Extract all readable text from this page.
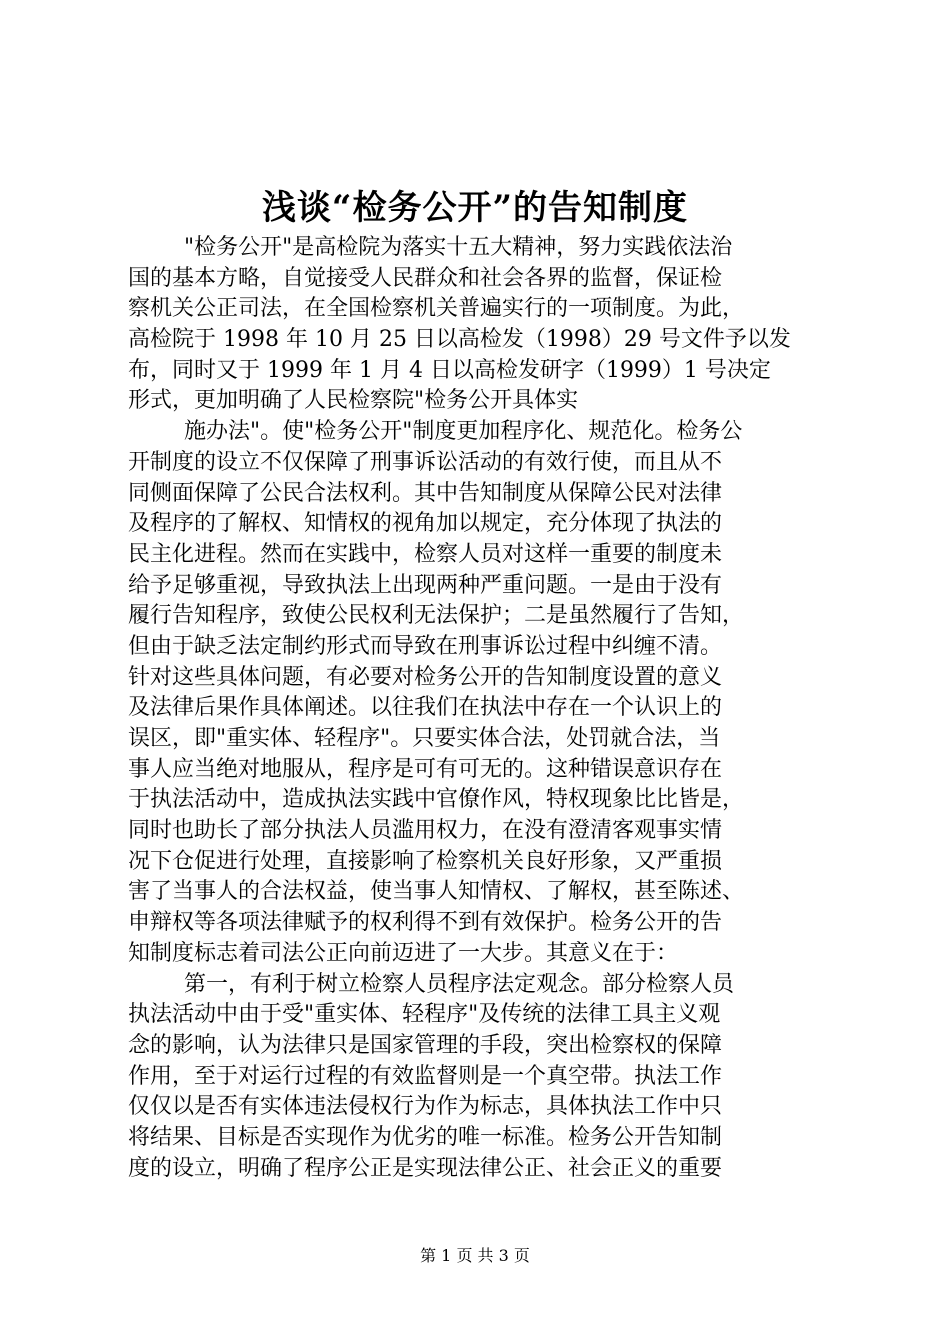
浅谈“检务公开”的告知制度
"检务公开"是高检院为落实十五大精神，努力实践依法治
国的基本方略，自觉接受人民群众和社会各界的监督，保证检
察机关公正司法，在全国检察机关普遍实行的一项制度。为此，
高检院于 1998 年 10 月 25 日以高检发（1998）29 号文件予以发
布，同时又于 1999 年 1 月 4 日以高检发研字（1999）1 号决定
形式，更加明确了人民检察院"检务公开具体实
施办法"。使"检务公开"制度更加程序化、规范化。检务公
开制度的设立不仅保障了刑事诉讼活动的有效行使，而且从不
同侧面保障了公民合法权利。其中告知制度从保障公民对法律
及程序的了解权、知情权的视角加以规定，充分体现了执法的
民主化进程。然而在实践中，检察人员对这样一重要的制度未
给予足够重视，导致执法上出现两种严重问题。一是由于没有
履行告知程序，致使公民权利无法保护；二是虽然履行了告知，
但由于缺乏法定制约形式而导致在刑事诉讼过程中纠缠不清。
针对这些具体问题，有必要对检务公开的告知制度设置的意义
及法律后果作具体阐述。以往我们在执法中存在一个认识上的
误区，即"重实体、轻程序"。只要实体合法，处罚就合法，当
事人应当绝对地服从，程序是可有可无的。这种错误意识存在
于执法活动中，造成执法实践中官僚作风，特权现象比比皆是，
同时也助长了部分执法人员滥用权力，在没有澄清客观事实情
况下仓促进行处理，直接影响了检察机关良好形象，又严重损
害了当事人的合法权益，使当事人知情权、了解权，甚至陈述、
申辩权等各项法律赋予的权利得不到有效保护。检务公开的告
知制度标志着司法公正向前迈进了一大步。其意义在于：
第一，有利于树立检察人员程序法定观念。部分检察人员
执法活动中由于受"重实体、轻程序"及传统的法律工具主义观
念的影响，认为法律只是国家管理的手段，突出检察权的保障
作用，至于对运行过程的有效监督则是一个真空带。执法工作
仅仅以是否有实体违法侵权行为作为标志，具体执法工作中只
将结果、目标是否实现作为优劣的唯一标准。检务公开告知制
度的设立，明确了程序公正是实现法律公正、社会正义的重要
第 1 页 共 3 页
